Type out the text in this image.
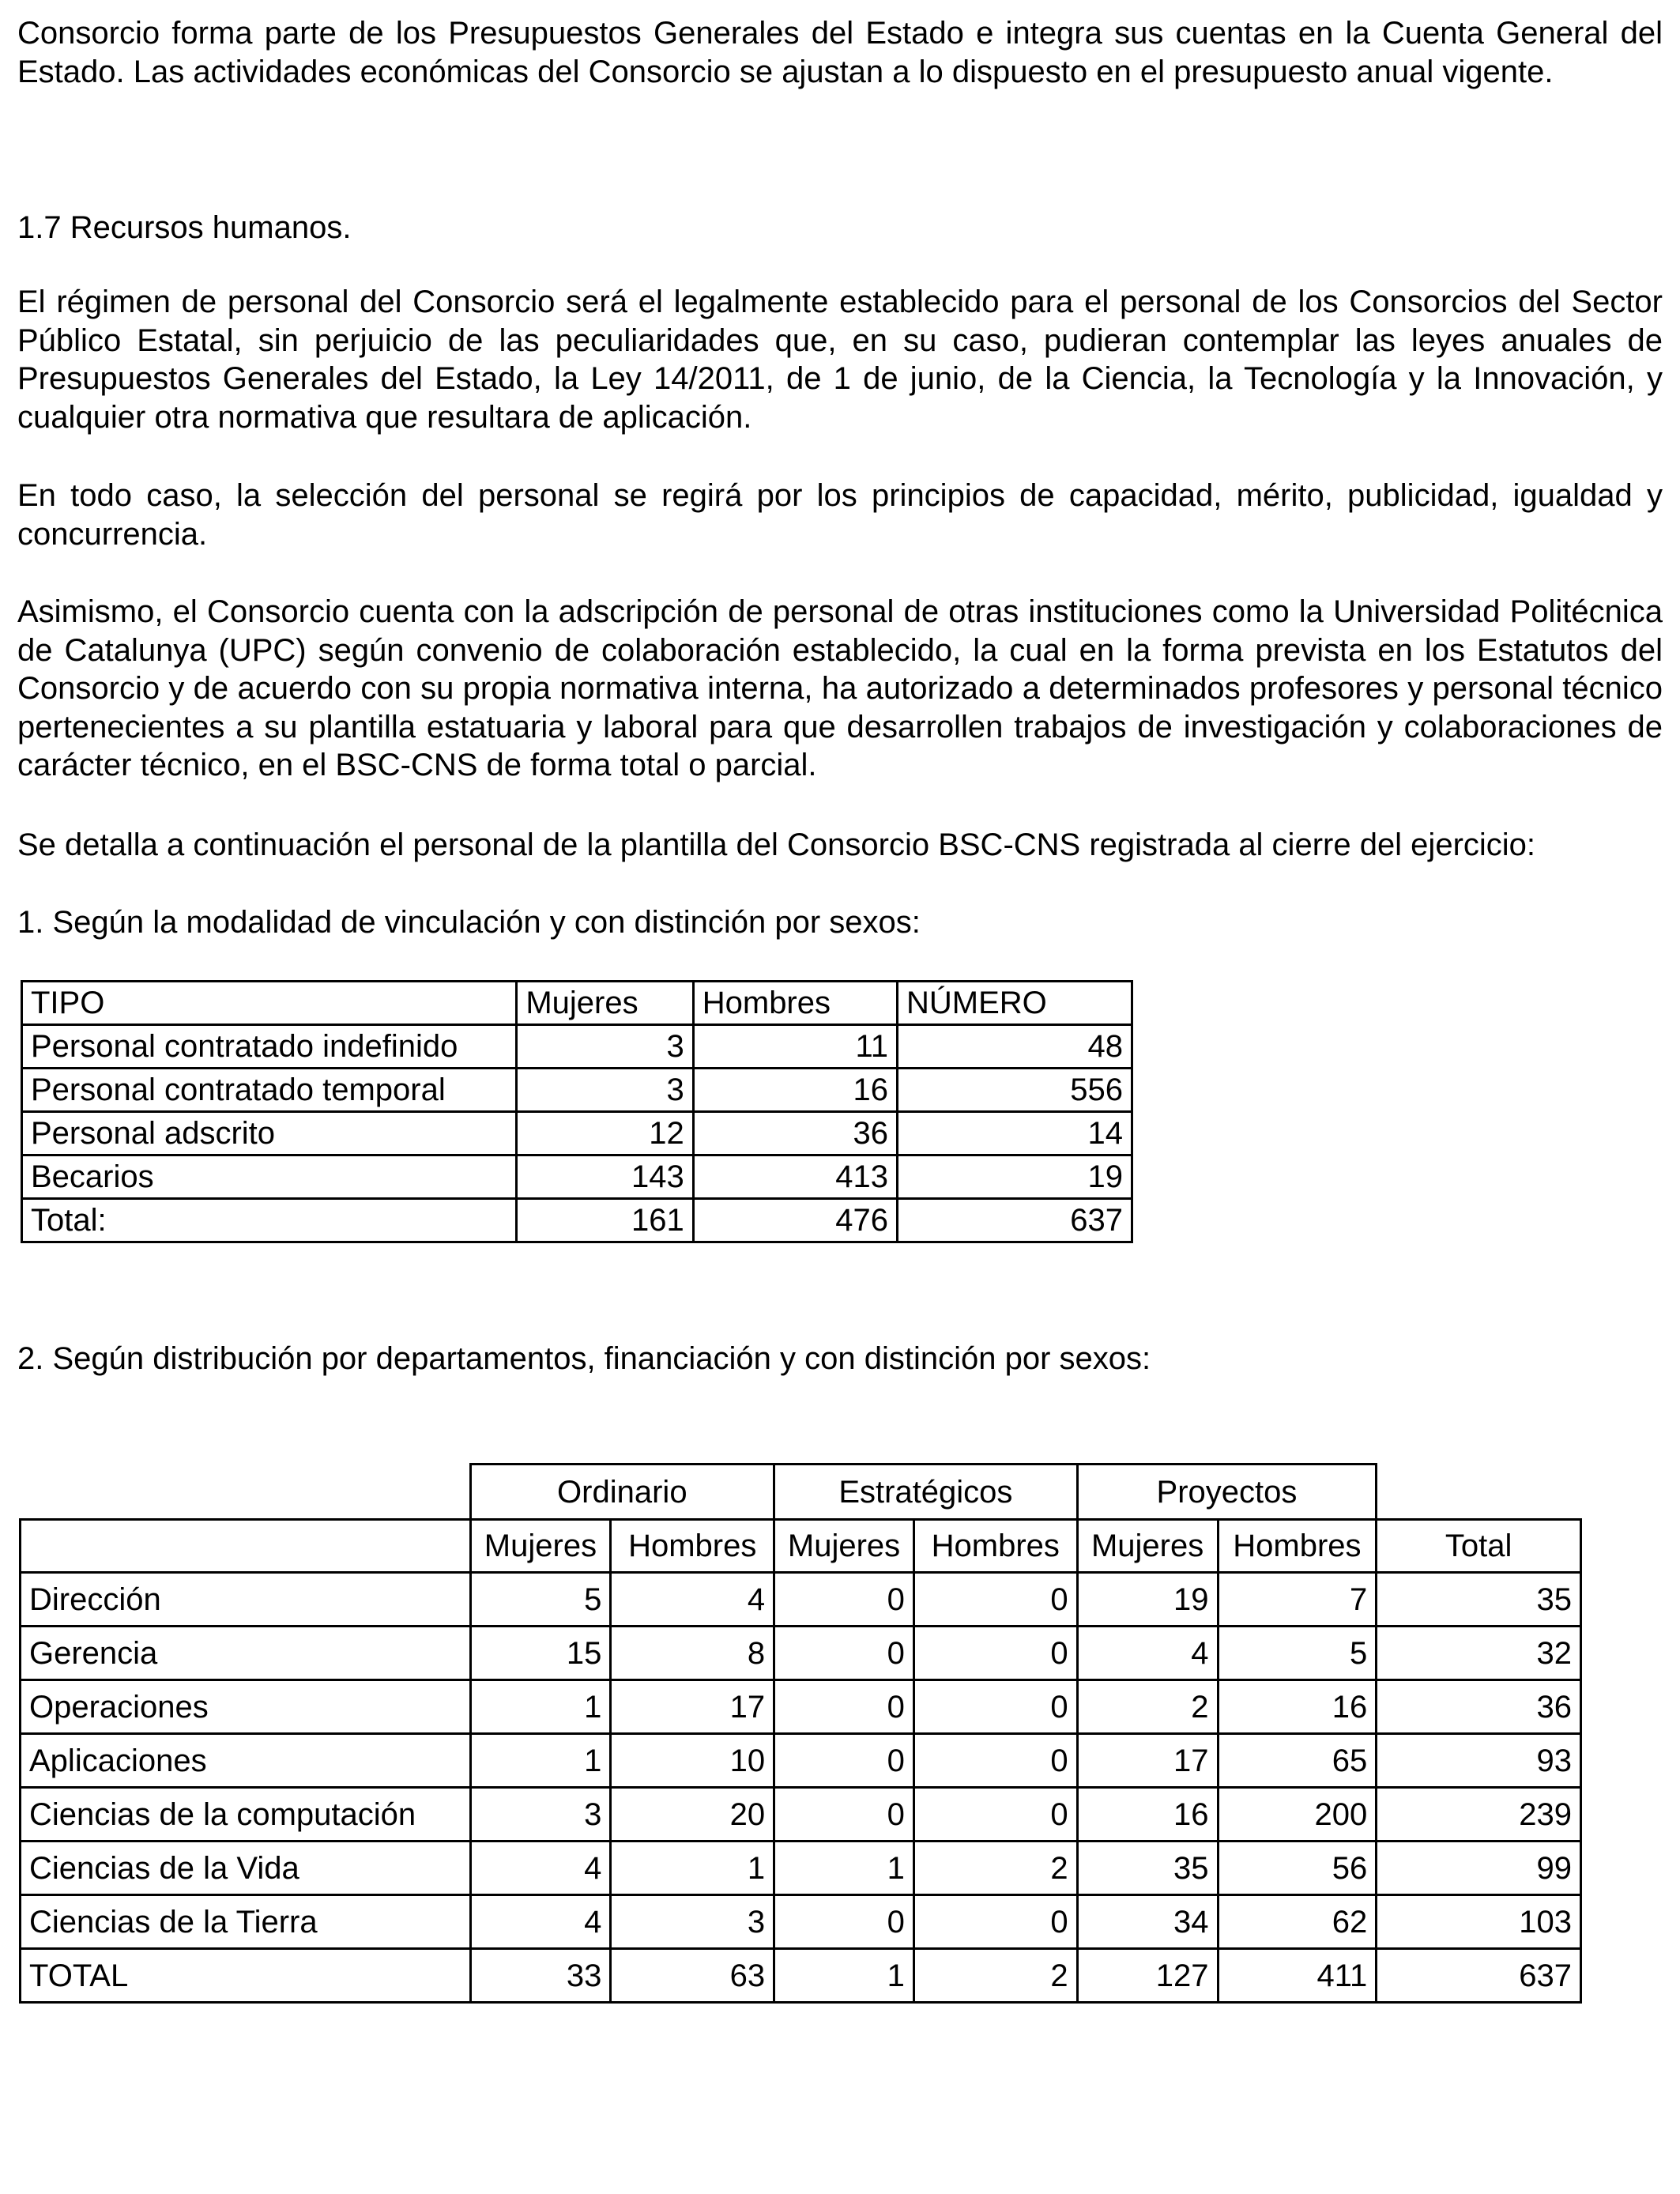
Consorcio forma parte de los Presupuestos Generales del Estado e integra sus cuentas en la Cuenta General del Estado. Las actividades económicas del Consorcio se ajustan a lo dispuesto en el presupuesto anual vigente.

1.7 Recursos humanos.

El régimen de personal del Consorcio será el legalmente establecido para el personal de los Consorcios del Sector Público Estatal, sin perjuicio de las peculiaridades que, en su caso, pudieran contemplar las leyes anuales de Presupuestos Generales del Estado, la Ley 14/2011, de 1 de junio, de la Ciencia, la Tecnología y la Innovación, y cualquier otra normativa que resultara de aplicación.

En todo caso, la selección del personal se regirá por los principios de capacidad, mérito, publicidad, igualdad y concurrencia.

Asimismo, el Consorcio cuenta con la adscripción de personal de otras instituciones como la Universidad Politécnica de Catalunya (UPC) según convenio de colaboración establecido, la cual en la forma prevista en los Estatutos del Consorcio y de acuerdo con su propia normativa interna, ha autorizado a determinados profesores y personal técnico pertenecientes a su plantilla estatuaria y laboral para que desarrollen trabajos de investigación y colaboraciones de carácter técnico, en el BSC-CNS de forma total o parcial.

Se detalla a continuación el personal de la plantilla del Consorcio BSC-CNS registrada al cierre del ejercicio:

1. Según la modalidad de vinculación y con distinción por sexos:

TIPO	Mujeres	Hombres	NÚMERO
Personal contratado indefinido	3	11	48
Personal contratado temporal	3	16	556
Personal adscrito	12	36	14
Becarios	143	413	19
Total:	161	476	637

2. Según distribución por departamentos, financiación y con distinción por sexos:

	Ordinario		Estratégicos		Proyectos		
	Mujeres	Hombres	Mujeres	Hombres	Mujeres	Hombres	Total
Dirección	5	4	0	0	19	7	35
Gerencia	15	8	0	0	4	5	32
Operaciones	1	17	0	0	2	16	36
Aplicaciones	1	10	0	0	17	65	93
Ciencias de la computación	3	20	0	0	16	200	239
Ciencias de la Vida	4	1	1	2	35	56	99
Ciencias de la Tierra	4	3	0	0	34	62	103
TOTAL	33	63	1	2	127	411	637
